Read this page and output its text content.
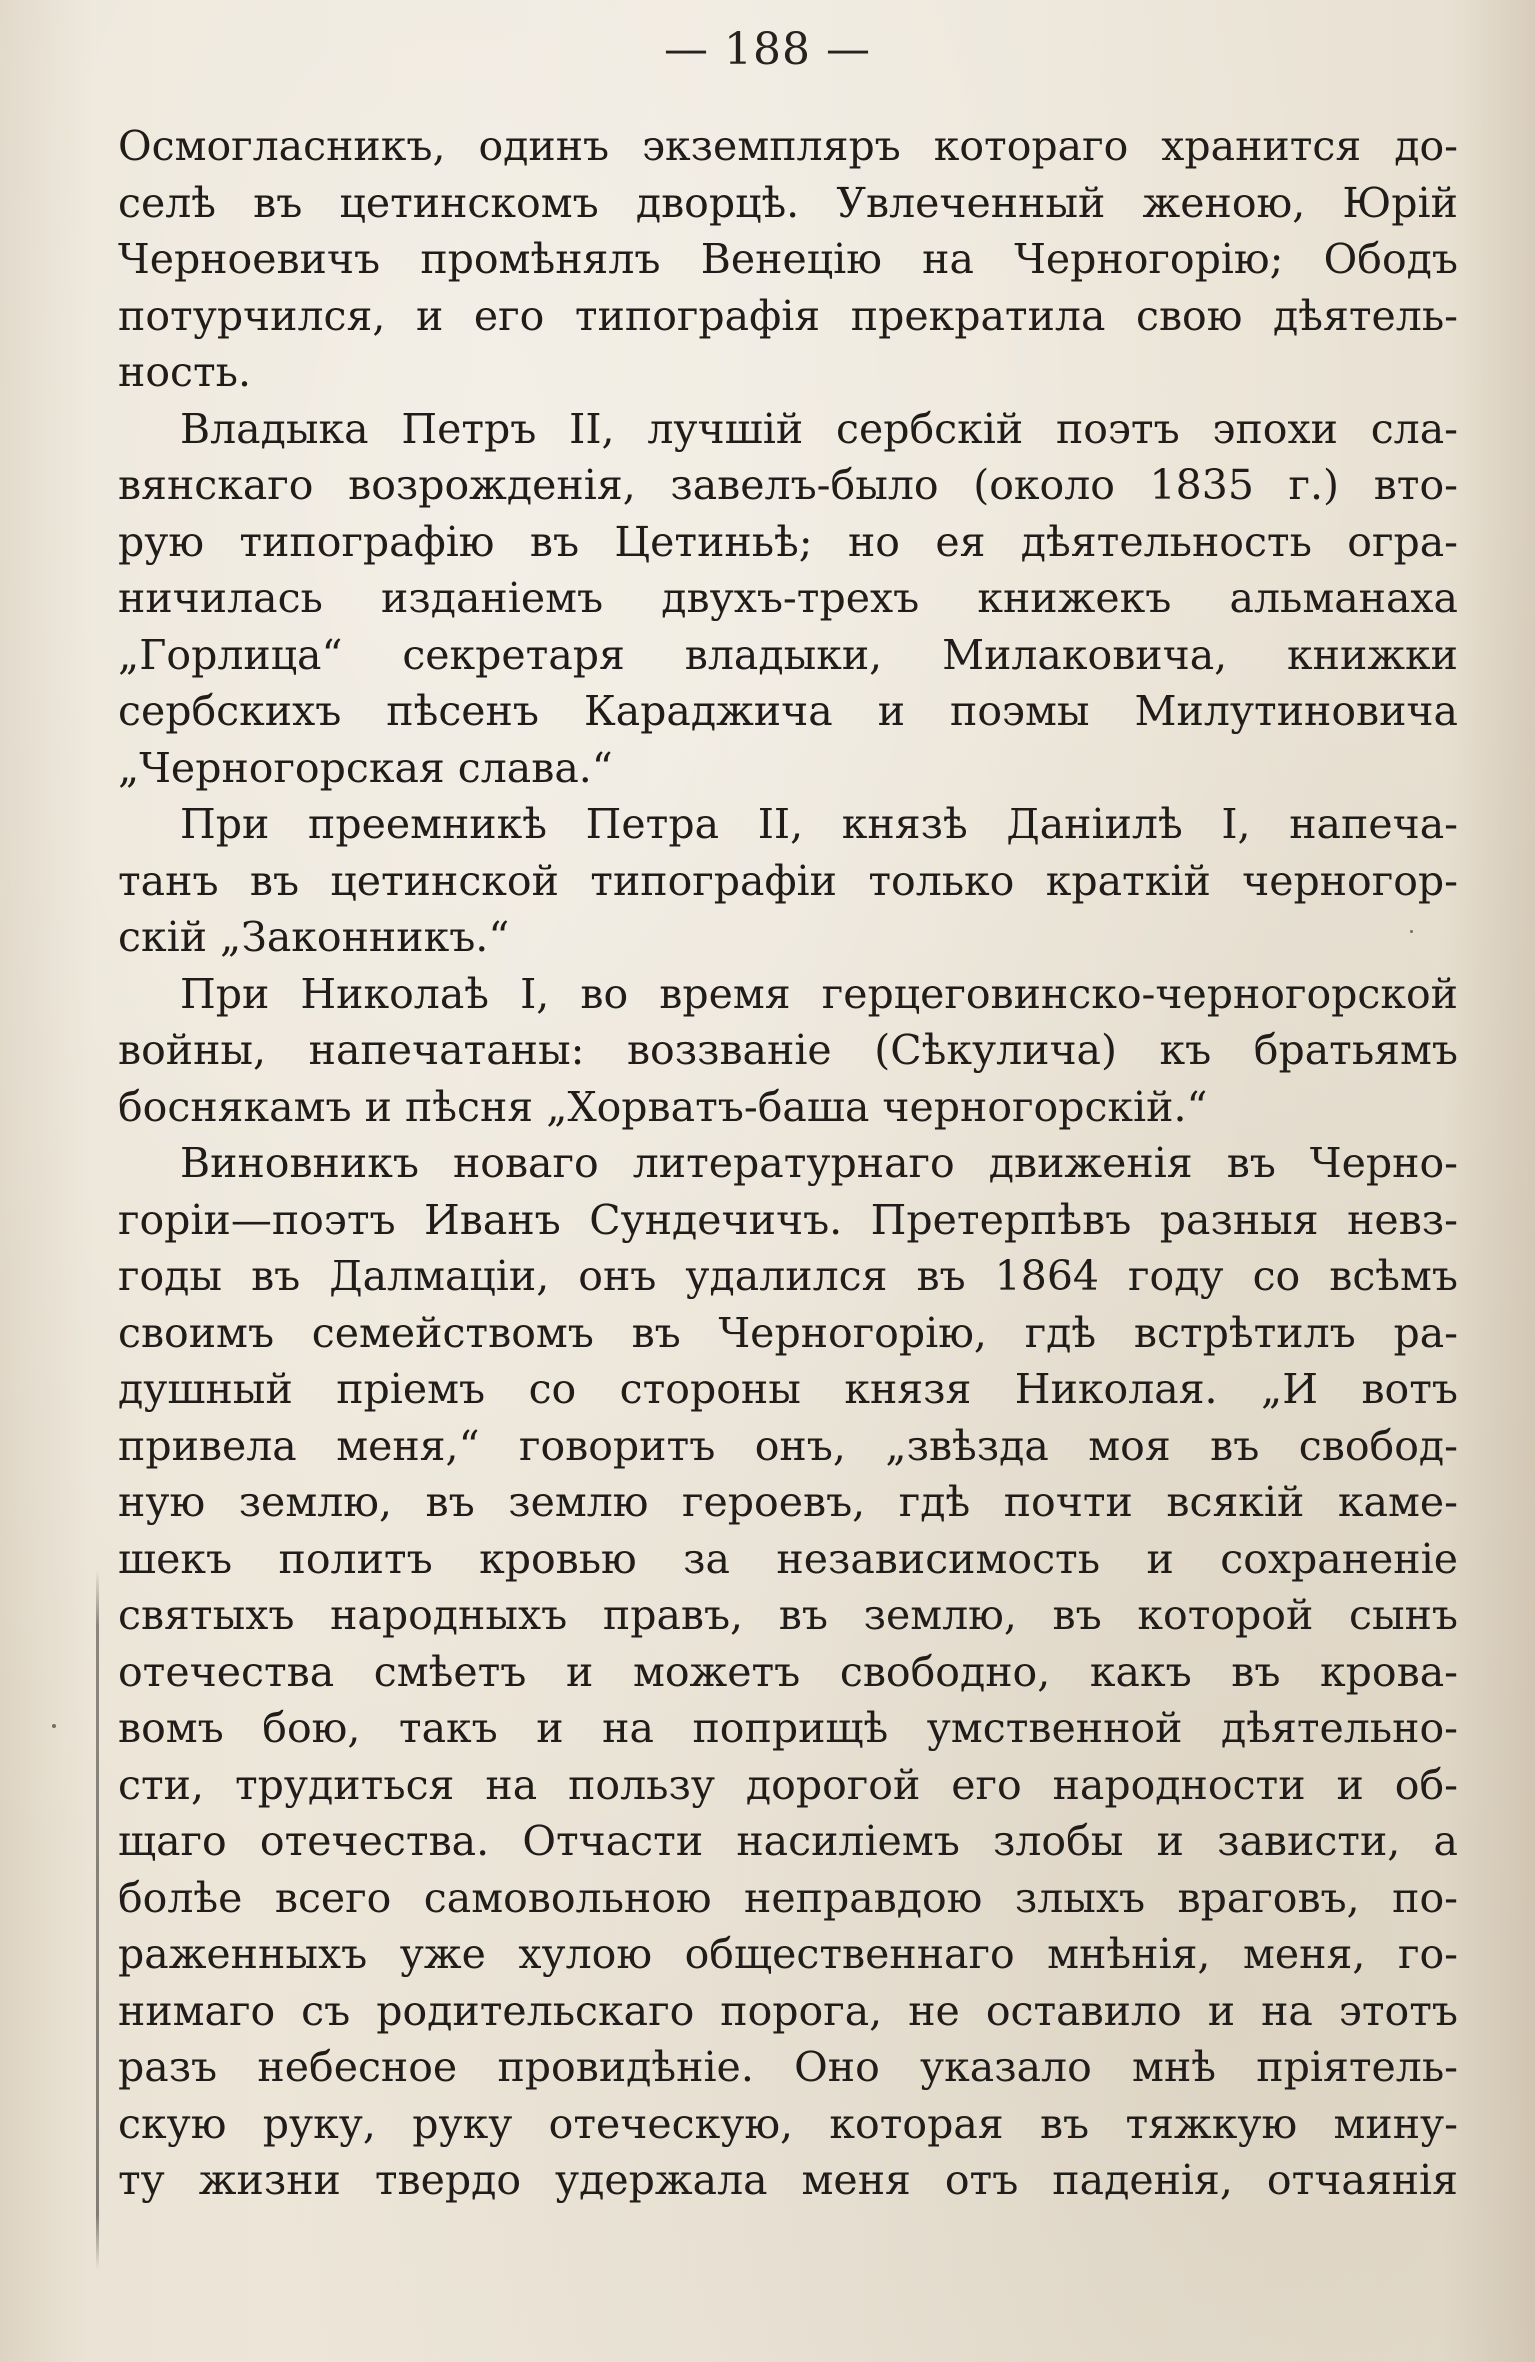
— 188 —
Осмогласникъ, одинъ экземпляръ котораго хранится до-
селѣ въ цетинскомъ дворцѣ. Увлеченный женою, Юрій
Черноевичъ промѣнялъ Венецію на Черногорію; Ободъ
потурчился, и его типографія прекратила свою дѣятель-
ность.
Владыка Петръ II, лучшій сербскій поэтъ эпохи сла-
вянскаго возрожденія, завелъ-было (около 1835 г.) вто-
рую типографію въ Цетиньѣ; но ея дѣятельность огра-
ничилась изданіемъ двухъ-трехъ книжекъ альманаха
„Горлица“ секретаря владыки, Милаковича, книжки
сербскихъ пѣсенъ Караджича и поэмы Милутиновича
„Черногорская слава.“
При преемникѣ Петра II, князѣ Даніилѣ I, напеча-
танъ въ цетинской типографіи только краткій черногор-
скій „Законникъ.“
При Николаѣ I, во время герцеговинско-черногорской
войны, напечатаны: воззваніе (Сѣкулича) къ братьямъ
боснякамъ и пѣсня „Хорватъ-баша черногорскій.“
Виновникъ новаго литературнаго движенія въ Черно-
горіи—поэтъ Иванъ Сундечичъ. Претерпѣвъ разныя невз-
годы въ Далмаціи, онъ удалился въ 1864 году со всѣмъ
своимъ семействомъ въ Черногорію, гдѣ встрѣтилъ ра-
душный пріемъ со стороны князя Николая. „И вотъ
привела меня,“ говоритъ онъ, „звѣзда моя въ свобод-
ную землю, въ землю героевъ, гдѣ почти всякій каме-
шекъ политъ кровью за независимость и сохраненіе
святыхъ народныхъ правъ, въ землю, въ которой сынъ
отечества смѣетъ и можетъ свободно, какъ въ крова-
вомъ бою, такъ и на поприщѣ умственной дѣятельно-
сти, трудиться на пользу дорогой его народности и об-
щаго отечества. Отчасти насиліемъ злобы и зависти, а
болѣе всего самовольною неправдою злыхъ враговъ, по-
раженныхъ уже хулою общественнаго мнѣнія, меня, го-
нимаго съ родительскаго порога, не оставило и на этотъ
разъ небесное провидѣніе. Оно указало мнѣ пріятель-
скую руку, руку отеческую, которая въ тяжкую мину-
ту жизни твердо удержала меня отъ паденія, отчаянія
